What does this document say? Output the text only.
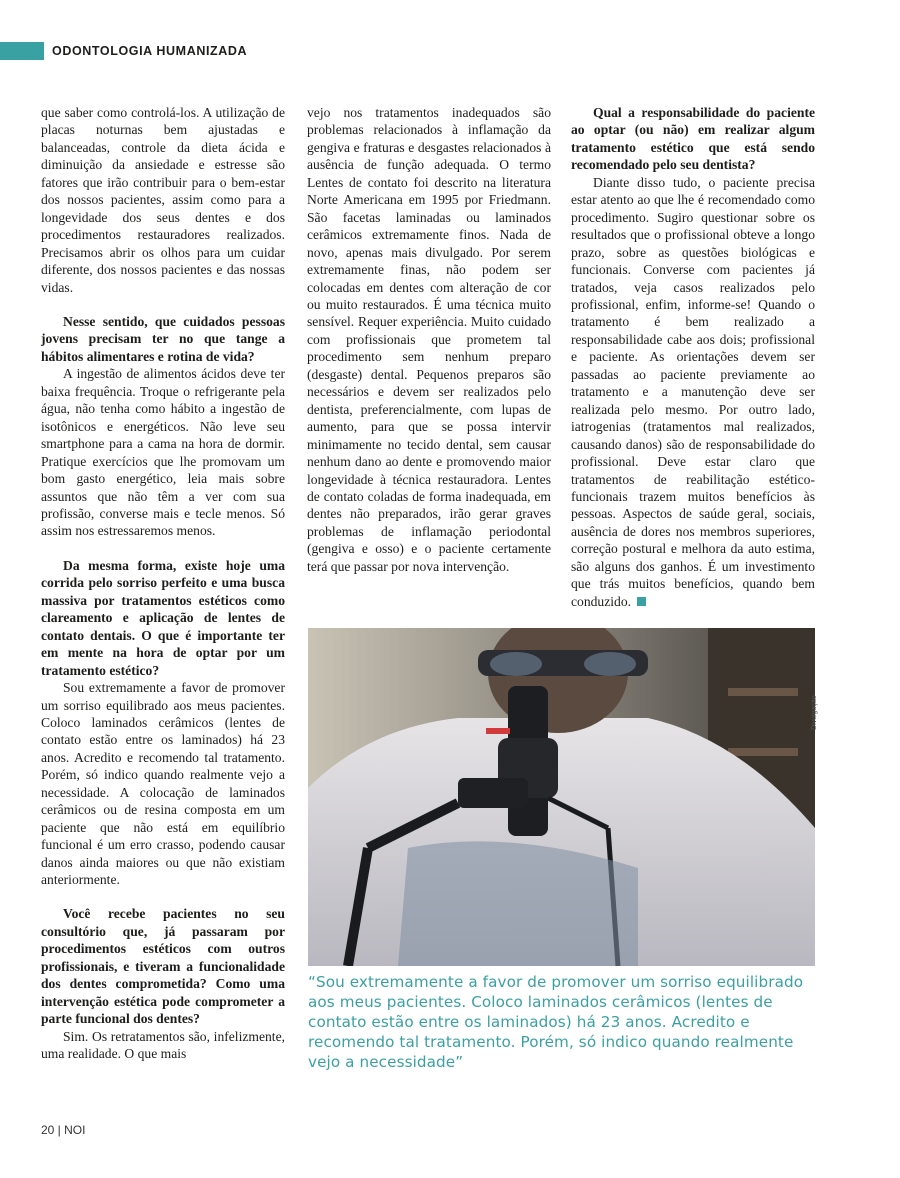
ODONTOLOGIA HUMANIZADA

que saber como controlá-los. A utilização de placas noturnas bem ajustadas e balanceadas, controle da dieta ácida e diminuição da ansiedade e estresse são fatores que irão contribuir para o bem-estar dos nossos pacientes, assim como para a longevidade dos seus dentes e dos procedimentos restauradores realizados. Precisamos abrir os olhos para um cuidar diferente, dos nossos pacientes e das nossas vidas.

Nesse sentido, que cuidados pessoas jovens precisam ter no que tange a hábitos alimentares e rotina de vida?

A ingestão de alimentos ácidos deve ter baixa frequência. Troque o refrigerante pela água, não tenha como hábito a ingestão de isotônicos e energéticos. Não leve seu smartphone para a cama na hora de dormir. Pratique exercícios que lhe promovam um bom gasto energético, leia mais sobre assuntos que não têm a ver com sua profissão, converse mais e tecle menos. Só assim nos estressaremos menos.

Da mesma forma, existe hoje uma corrida pelo sorriso perfeito e uma busca massiva por tratamentos estéticos como clareamento e aplicação de lentes de contato dentais. O que é importante ter em mente na hora de optar por um tratamento estético?

Sou extremamente a favor de promover um sorriso equilibrado aos meus pacientes. Coloco laminados cerâmicos (lentes de contato estão entre os laminados) há 23 anos. Acredito e recomendo tal tratamento. Porém, só indico quando realmente vejo a necessidade. A colocação de laminados cerâmicos ou de resina composta em um paciente que não está em equilíbrio funcional é um erro crasso, podendo causar danos ainda maiores ou que não existiam anteriormente.

Você recebe pacientes no seu consultório que, já passaram por procedimentos estéticos com outros profissionais, e tiveram a funcionalidade dos dentes comprometida? Como uma intervenção estética pode comprometer a parte funcional dos dentes?

Sim. Os retratamentos são, infelizmente, uma realidade. O que mais

vejo nos tratamentos inadequados são problemas relacionados à inflamação da gengiva e fraturas e desgastes relacionados à ausência de função adequada. O termo Lentes de contato foi descrito na literatura Norte Americana em 1995 por Friedmann. São facetas laminadas ou laminados cerâmicos extremamente finos. Nada de novo, apenas mais divulgado. Por serem extremamente finas, não podem ser colocadas em dentes com alteração de cor ou muito restaurados. É uma técnica muito sensível. Requer experiência. Muito cuidado com profissionais que prometem tal procedimento sem nenhum preparo (desgaste) dental. Pequenos preparos são necessários e devem ser realizados pelo dentista, preferencialmente, com lupas de aumento, para que se possa intervir minimamente no tecido dental, sem causar nenhum dano ao dente e promovendo maior longevidade à técnica restauradora. Lentes de contato coladas de forma inadequada, em dentes não preparados, irão gerar graves problemas de inflamação periodontal (gengiva e osso) e o paciente certamente terá que passar por nova intervenção.

Qual a responsabilidade do paciente ao optar (ou não) em realizar algum tratamento estético que está sendo recomendado pelo seu dentista?

Diante disso tudo, o paciente precisa estar atento ao que lhe é recomendado como procedimento. Sugiro questionar sobre os resultados que o profissional obteve a longo prazo, sobre as questões biológicas e funcionais. Converse com pacientes já tratados, veja casos realizados pelo profissional, enfim, informe-se! Quando o tratamento é bem realizado a responsabilidade cabe aos dois; profissional e paciente. As orientações devem ser passadas ao paciente previamente ao tratamento e a manutenção deve ser realizada pelo mesmo. Por outro lado, iatrogenias (tratamentos mal realizados, causando danos) são de responsabilidade do profissional. Deve estar claro que tratamentos de reabilitação estético-funcionais trazem muitos benefícios às pessoas. Aspectos de saúde geral, sociais, ausência de dores nos membros superiores, correção postural e melhora da auto estima, são alguns dos ganhos. É um investimento que trás muitos benefícios, quando bem conduzido.

Divulgação
“Sou extremamente a favor de promover um sorriso equilibrado aos meus pacientes. Coloco laminados cerâmicos (lentes de contato estão entre os laminados) há 23 anos. Acredito e recomendo tal tratamento. Porém, só indico quando realmente vejo a necessidade”
20 | NOI
